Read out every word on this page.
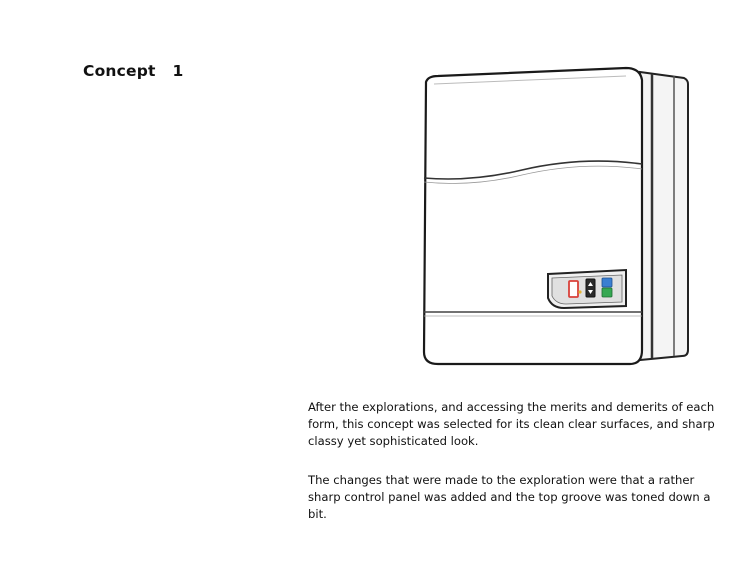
Concept   1

After the explorations, and accessing the merits and demerits of each form, this concept was selected for its clean clear surfaces, and sharp classy yet sophisticated look.

The changes that were made to the exploration were that a rather sharp control panel was added and the top groove was toned down a bit.
